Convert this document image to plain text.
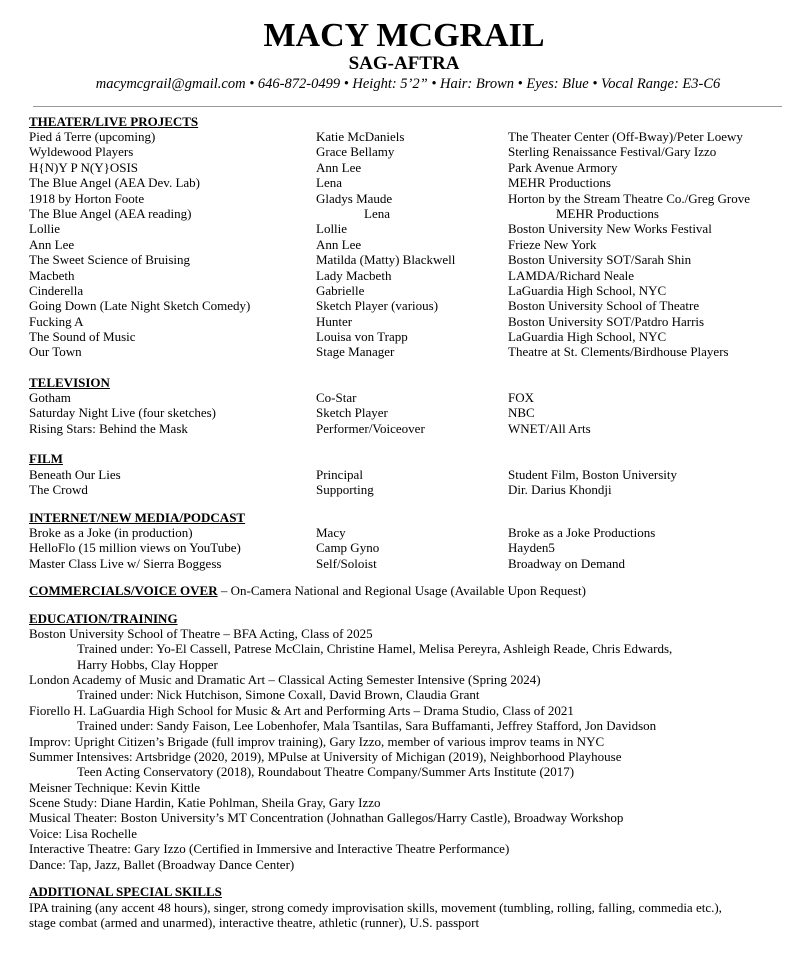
MACY MCGRAIL
SAG-AFTRA
macymcgrail@gmail.com • 646-872-0499 • Height: 5’2” • Hair: Brown • Eyes: Blue • Vocal Range: E3-C6
THEATER/LIVE PROJECTS
Pied á Terre (upcoming)	Katie McDaniels	The Theater Center (Off-Bway)/Peter Loewy
Wyldewood Players	Grace Bellamy	Sterling Renaissance Festival/Gary Izzo
H{N)Y P N(Y}OSIS	Ann Lee	Park Avenue Armory
The Blue Angel (AEA Dev. Lab)	Lena	MEHR Productions
1918 by Horton Foote	Gladys Maude	Horton by the Stream Theatre Co./Greg Grove
The Blue Angel (AEA reading)	Lena	MEHR Productions
Lollie	Lollie	Boston University New Works Festival
Ann Lee	Ann Lee	Frieze New York
The Sweet Science of Bruising	Matilda (Matty) Blackwell	Boston University SOT/Sarah Shin
Macbeth	Lady Macbeth	LAMDA/Richard Neale
Cinderella	Gabrielle	LaGuardia High School, NYC
Going Down (Late Night Sketch Comedy)	Sketch Player (various)	Boston University School of Theatre
Fucking A	Hunter	Boston University SOT/Patdro Harris
The Sound of Music	Louisa von Trapp	LaGuardia High School, NYC
Our Town	Stage Manager	Theatre at St. Clements/Birdhouse Players
TELEVISION
Gotham	Co-Star	FOX
Saturday Night Live (four sketches)	Sketch Player	NBC
Rising Stars: Behind the Mask	Performer/Voiceover	WNET/All Arts
FILM
Beneath Our Lies	Principal	Student Film, Boston University
The Crowd	Supporting	Dir. Darius Khondji
INTERNET/NEW MEDIA/PODCAST
Broke as a Joke (in production)	Macy	Broke as a Joke Productions
HelloFlo (15 million views on YouTube)	Camp Gyno	Hayden5
Master Class Live w/ Sierra Boggess	Self/Soloist	Broadway on Demand
COMMERCIALS/VOICE OVER – On-Camera National and Regional Usage (Available Upon Request)
EDUCATION/TRAINING
Boston University School of Theatre – BFA Acting, Class of 2025
Trained under: Yo-El Cassell, Patrese McClain, Christine Hamel, Melisa Pereyra, Ashleigh Reade, Chris Edwards,
Harry Hobbs, Clay Hopper
London Academy of Music and Dramatic Art – Classical Acting Semester Intensive (Spring 2024)
Trained under: Nick Hutchison, Simone Coxall, David Brown, Claudia Grant
Fiorello H. LaGuardia High School for Music & Art and Performing Arts – Drama Studio, Class of 2021
Trained under: Sandy Faison, Lee Lobenhofer, Mala Tsantilas, Sara Buffamanti, Jeffrey Stafford, Jon Davidson
Improv: Upright Citizen’s Brigade (full improv training), Gary Izzo, member of various improv teams in NYC
Summer Intensives: Artsbridge (2020, 2019), MPulse at University of Michigan (2019), Neighborhood Playhouse
Teen Acting Conservatory (2018), Roundabout Theatre Company/Summer Arts Institute (2017)
Meisner Technique: Kevin Kittle
Scene Study: Diane Hardin, Katie Pohlman, Sheila Gray, Gary Izzo
Musical Theater: Boston University’s MT Concentration (Johnathan Gallegos/Harry Castle), Broadway Workshop
Voice: Lisa Rochelle
Interactive Theatre: Gary Izzo (Certified in Immersive and Interactive Theatre Performance)
Dance: Tap, Jazz, Ballet (Broadway Dance Center)
ADDITIONAL SPECIAL SKILLS
IPA training (any accent 48 hours), singer, strong comedy improvisation skills, movement (tumbling, rolling, falling, commedia etc.),
stage combat (armed and unarmed), interactive theatre, athletic (runner), U.S. passport
